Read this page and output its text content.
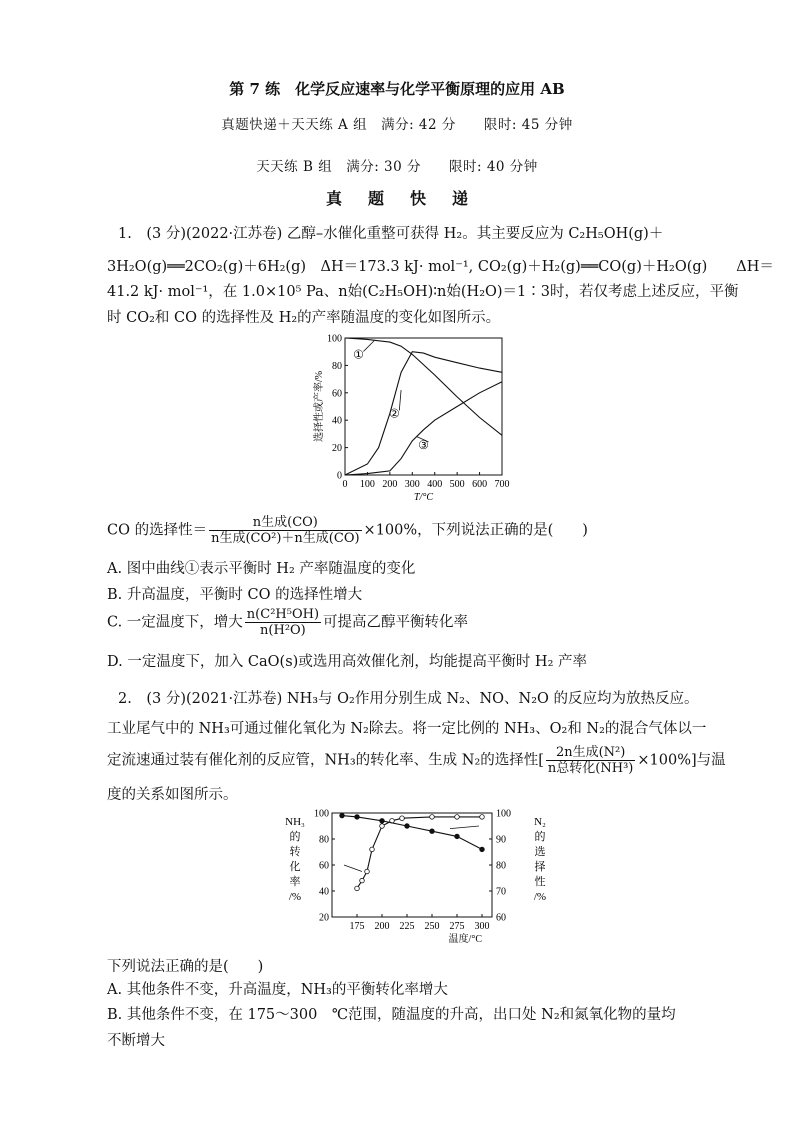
第 7 练　化学反应速率与化学平衡原理的应用 AB
真题快递＋天天练 A 组　满分: 42 分　　限时: 45 分钟
天天练 B 组　满分: 30 分　　限时: 40 分钟
真题快递
1.　(3 分)(2022·江苏卷) 乙醇–水催化重整可获得 H₂。其主要反应为 C₂H₅OH(g)＋
3H₂O(g)══2CO₂(g)＋6H₂(g)　ΔH＝173.3 kJ· mol⁻¹, CO₂(g)＋H₂(g)══CO(g)＋H₂O(g)　　ΔH＝
41.2 kJ· mol⁻¹，在 1.0×10⁵ Pa、n始(C₂H₅OH)∶n始(H₂O)＝1∶3时，若仅考虑上述反应，平衡
时 CO₂和 CO 的选择性及 H₂的产率随温度的变化如图所示。
0 100 200 300 400 500 600 700
0
20
40
60
80
100
T/°C
选择性或产率/%
①
②
③
CO 的选择性＝ $\frac{\text{n生成(CO)}}{\text{n生成(CO²)＋n生成(CO)}} \times 100\%$，下列说法正确的是(　　)
A. 图中曲线①表示平衡时 H₂ 产率随温度的变化
B. 升高温度，平衡时 CO 的选择性增大
C. 一定温度下，增大 $\frac{\text{n(C²H⁵OH)}}{\text{n(H²O)}}$ 可提高乙醇平衡转化率
D. 一定温度下，加入 CaO(s)或选用高效催化剂，均能提高平衡时 H₂ 产率
2.　(3 分)(2021·江苏卷) NH₃与 O₂作用分别生成 N₂、NO、N₂O 的反应均为放热反应。
工业尾气中的 NH₃可通过催化氧化为 N₂除去。将一定比例的 NH₃、O₂和 N₂的混合气体以一
定流速通过装有催化剂的反应管，NH₃的转化率、生成 N₂的选择性[ $\frac{\text{2n生成(N²)}}{\text{n总转化(NH³)}} \times 100\%$]与温
度的关系如图所示。
175 200 225 250 275 300
20
40
60
80
100
60
70
80
90
100
温度/°C
NH₃
的
转
化
率
/%
N₂
的
选
择
性
/%
下列说法正确的是(　　)
A. 其他条件不变，升高温度，NH₃的平衡转化率增大
B. 其他条件不变，在 175～300　℃范围，随温度的升高，出口处 N₂和氮氧化物的量均
不断增大
